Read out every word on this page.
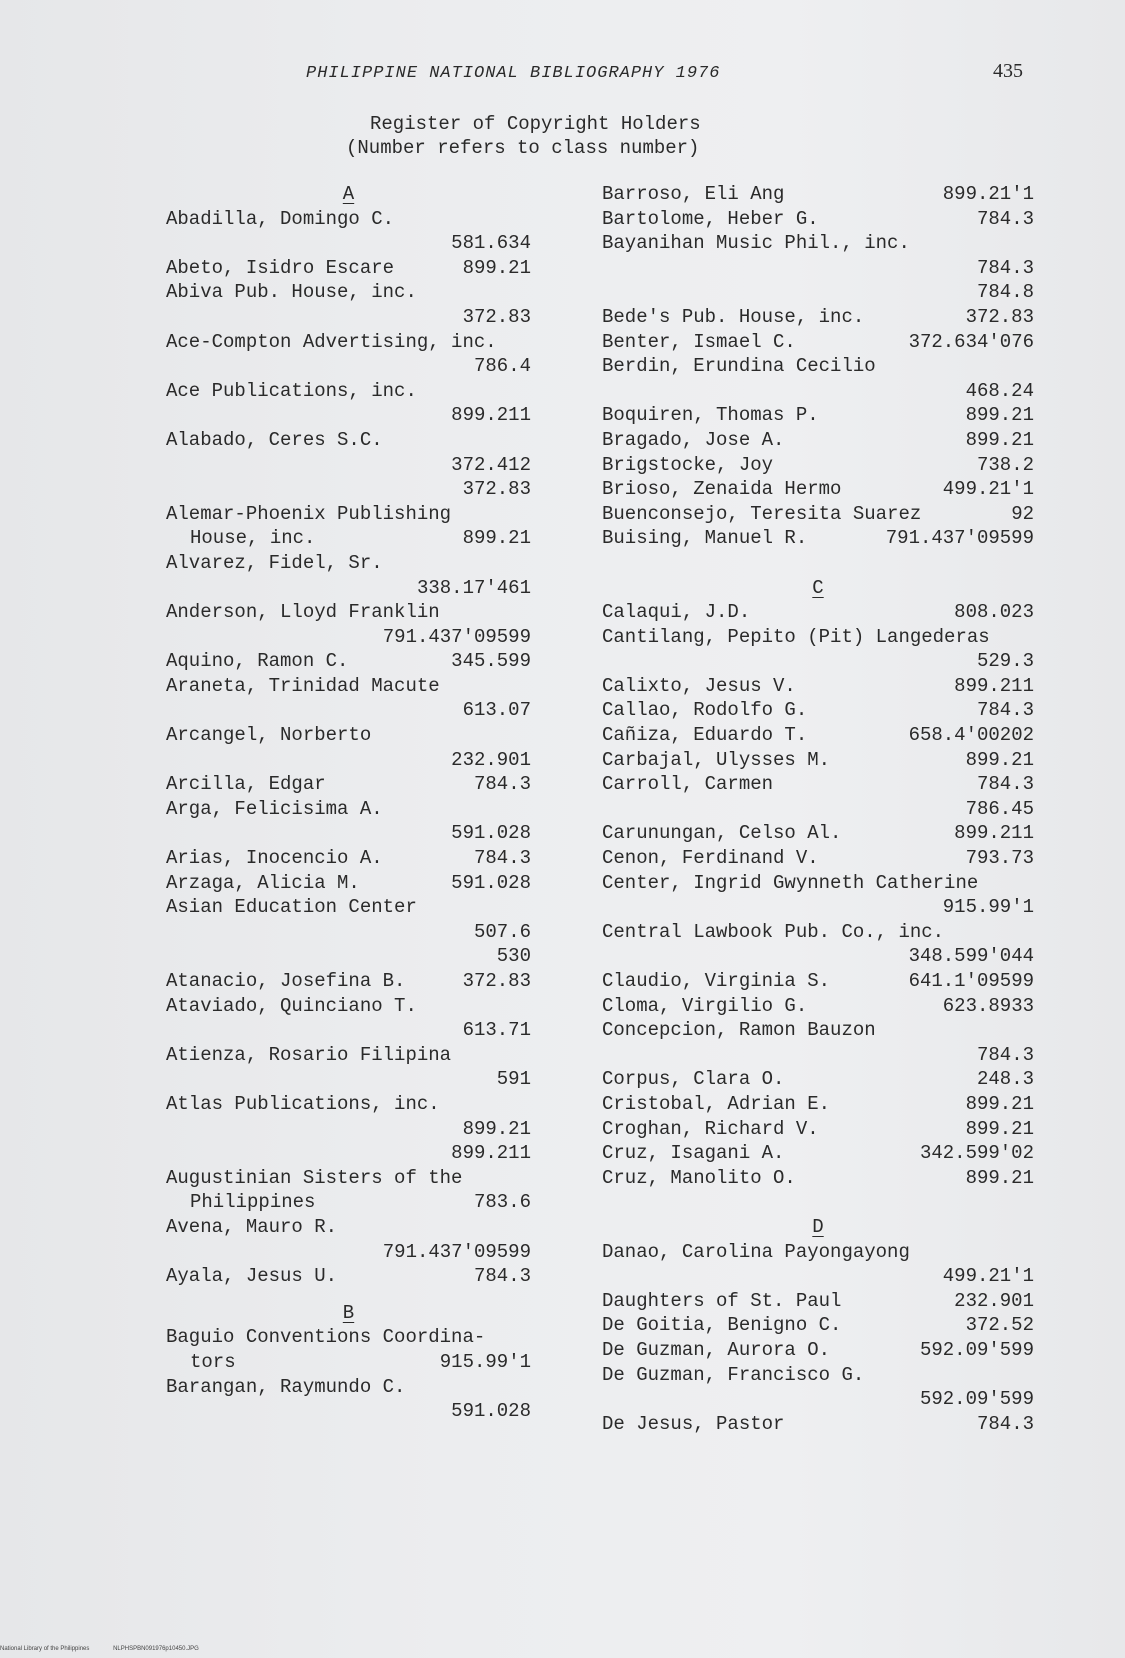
PHILIPPINE NATIONAL BIBLIOGRAPHY 1976	435
Register of Copyright Holders
(Number refers to class number)
A
Abadilla, Domingo C.
581.634
Abeto, Isidro Escare	899.21
Abiva Pub. House, inc.
372.83
Ace-Compton Advertising, inc.
786.4
Ace Publications, inc.
899.211
Alabado, Ceres S.C.
372.412
372.83
Alemar-Phoenix Publishing
House, inc.	899.21
Alvarez, Fidel, Sr.
338.17'461
Anderson, Lloyd Franklin
791.437'09599
Aquino, Ramon C.	345.599
Araneta, Trinidad Macute
613.07
Arcangel, Norberto
232.901
Arcilla, Edgar	784.3
Arga, Felicisima A.
591.028
Arias, Inocencio A.	784.3
Arzaga, Alicia M.	591.028
Asian Education Center
507.6
530
Atanacio, Josefina B.	372.83
Ataviado, Quinciano T.
613.71
Atienza, Rosario Filipina
591
Atlas Publications, inc.
899.21
899.211
Augustinian Sisters of the
Philippines	783.6
Avena, Mauro R.
791.437'09599
Ayala, Jesus U.	784.3
B
Baguio Conventions Coordina-
tors	915.99'1
Barangan, Raymundo C.
591.028
Barroso, Eli Ang	899.21'1
Bartolome, Heber G.	784.3
Bayanihan Music Phil., inc.
784.3
784.8
Bede's Pub. House, inc.	372.83
Benter, Ismael C.	372.634'076
Berdin, Erundina Cecilio
468.24
Boquiren, Thomas P.	899.21
Bragado, Jose A.	899.21
Brigstocke, Joy	738.2
Brioso, Zenaida Hermo	499.21'1
Buenconsejo, Teresita Suarez	92
Buising, Manuel R.	791.437'09599
C
Calaqui, J.D.	808.023
Cantilang, Pepito (Pit) Langederas
529.3
Calixto, Jesus V.	899.211
Callao, Rodolfo G.	784.3
Cañiza, Eduardo T.	658.4'00202
Carbajal, Ulysses M.	899.21
Carroll, Carmen	784.3
786.45
Carunungan, Celso Al.	899.211
Cenon, Ferdinand V.	793.73
Center, Ingrid Gwynneth Catherine
915.99'1
Central Lawbook Pub. Co., inc.
348.599'044
Claudio, Virginia S.	641.1'09599
Cloma, Virgilio G.	623.8933
Concepcion, Ramon Bauzon
784.3
Corpus, Clara O.	248.3
Cristobal, Adrian E.	899.21
Croghan, Richard V.	899.21
Cruz, Isagani A.	342.599'02
Cruz, Manolito O.	899.21
D
Danao, Carolina Payongayong
499.21'1
Daughters of St. Paul	232.901
De Goitia, Benigno C.	372.52
De Guzman, Aurora O.	592.09'599
De Guzman, Francisco G.
592.09'599
De Jesus, Pastor	784.3
National Library of the Philippines	NLPHSPBN091976p10450.JPG
